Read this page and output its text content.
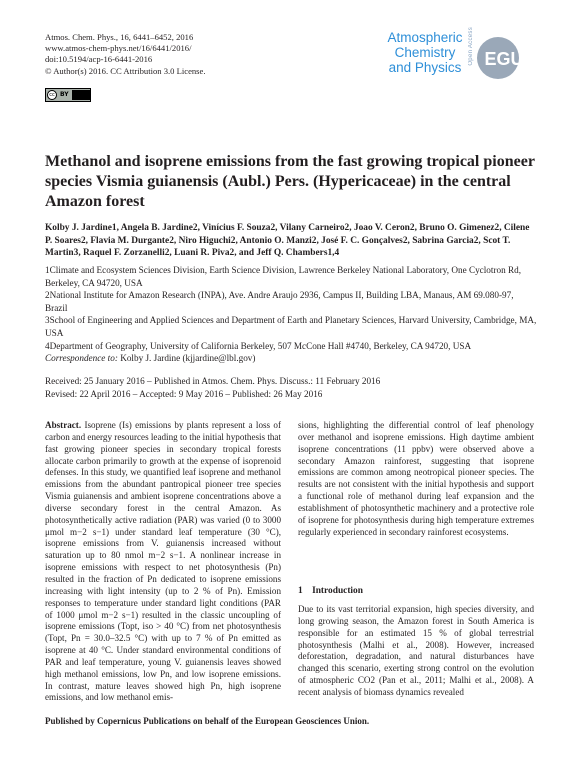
Atmos. Chem. Phys., 16, 6441–6452, 2016
www.atmos-chem-phys.net/16/6441/2016/
doi:10.5194/acp-16-6441-2016
© Author(s) 2016. CC Attribution 3.0 License.
cc BY
Atmospheric
Chemistry
and Physics
Open Access EGU
Methanol and isoprene emissions from the fast growing tropical pioneer species Vismia guianensis (Aubl.) Pers. (Hypericaceae) in the central Amazon forest
Kolby J. Jardine1, Angela B. Jardine2, Vinícius F. Souza2, Vilany Carneiro2, Joao V. Ceron2, Bruno O. Gimenez2, Cilene P. Soares2, Flavia M. Durgante2, Niro Higuchi2, Antonio O. Manzi2, José F. C. Gonçalves2, Sabrina Garcia2, Scot T. Martin3, Raquel F. Zorzanelli2, Luani R. Piva2, and Jeff Q. Chambers1,4
1Climate and Ecosystem Sciences Division, Earth Science Division, Lawrence Berkeley National Laboratory, One Cyclotron Rd, Berkeley, CA 94720, USA
2National Institute for Amazon Research (INPA), Ave. Andre Araujo 2936, Campus II, Building LBA, Manaus, AM 69.080-97, Brazil
3School of Engineering and Applied Sciences and Department of Earth and Planetary Sciences, Harvard University, Cambridge, MA, USA
4Department of Geography, University of California Berkeley, 507 McCone Hall #4740, Berkeley, CA 94720, USA
Correspondence to: Kolby J. Jardine (kjjardine@lbl.gov)
Received: 25 January 2016 – Published in Atmos. Chem. Phys. Discuss.: 11 February 2016
Revised: 22 April 2016 – Accepted: 9 May 2016 – Published: 26 May 2016

Abstract. Isoprene (Is) emissions by plants represent a loss of carbon and energy resources leading to the initial hypothesis that fast growing pioneer species in secondary tropical forests allocate carbon primarily to growth at the expense of isoprenoid defenses. In this study, we quantified leaf isoprene and methanol emissions from the abundant pantropical pioneer tree species Vismia guianensis and ambient isoprene concentrations above a diverse secondary forest in the central Amazon. As photosynthetically active radiation (PAR) was varied (0 to 3000 μmol m−2 s−1) under standard leaf temperature (30 °C), isoprene emissions from V. guianensis increased without saturation up to 80 nmol m−2 s−1. A nonlinear increase in isoprene emissions with respect to net photosynthesis (Pn) resulted in the fraction of Pn dedicated to isoprene emissions increasing with light intensity (up to 2 % of Pn). Emission responses to temperature under standard light conditions (PAR of 1000 μmol m−2 s−1) resulted in the classic uncoupling of isoprene emissions (Topt, iso > 40 °C) from net photosynthesis (Topt, Pn = 30.0–32.5 °C) with up to 7 % of Pn emitted as isoprene at 40 °C. Under standard environmental conditions of PAR and leaf temperature, young V. guianensis leaves showed high methanol emissions, low Pn, and low isoprene emissions. In contrast, mature leaves showed high Pn, high isoprene emissions, and low methanol emis-

sions, highlighting the differential control of leaf phenology over methanol and isoprene emissions. High daytime ambient isoprene concentrations (11 ppbv) were observed above a secondary Amazon rainforest, suggesting that isoprene emissions are common among neotropical pioneer species. The results are not consistent with the initial hypothesis and support a functional role of methanol during leaf expansion and the establishment of photosynthetic machinery and a protective role of isoprene for photosynthesis during high temperature extremes regularly experienced in secondary rainforest ecosystems.

1    Introduction
Due to its vast territorial expansion, high species diversity, and long growing season, the Amazon forest in South America is responsible for an estimated 15 % of global terrestrial photosynthesis (Malhi et al., 2008). However, increased deforestation, degradation, and natural disturbances have changed this scenario, exerting strong control on the evolution of atmospheric CO2 (Pan et al., 2011; Malhi et al., 2008). A recent analysis of biomass dynamics revealed
Published by Copernicus Publications on behalf of the European Geosciences Union.
